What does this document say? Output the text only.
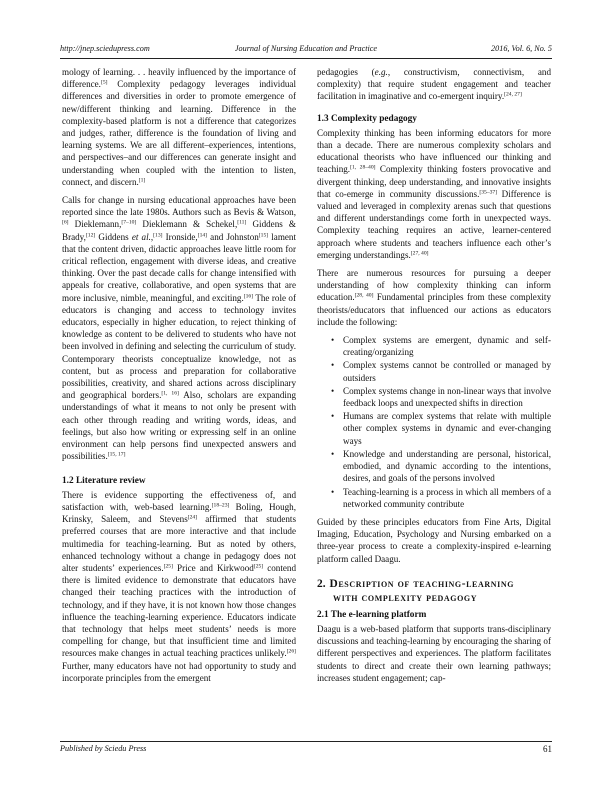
http://jnep.sciedupress.com	Journal of Nursing Education and Practice	2016, Vol. 6, No. 5

mology of learning. . . heavily influenced by the importance of difference.[5] Complexity pedagogy leverages individual differences and diversities in order to promote emergence of new/different thinking and learning. Difference in the complexity-based platform is not a difference that categorizes and judges, rather, difference is the foundation of living and learning systems. We are all different–experiences, intentions, and perspectives–and our differences can generate insight and understanding when coupled with the intention to listen, connect, and discern.[1]

Calls for change in nursing educational approaches have been reported since the late 1980s. Authors such as Bevis & Watson,[6] Dieklemann,[7–10] Dieklemann & Schekel,[11] Giddens & Brady,[12] Giddens et al.,[13] Ironside,[14] and Johnston[15] lament that the content driven, didactic approaches leave little room for critical reflection, engagement with diverse ideas, and creative thinking. Over the past decade calls for change intensified with appeals for creative, collaborative, and open systems that are more inclusive, nimble, meaningful, and exciting.[16] The role of educators is changing and access to technology invites educators, especially in higher education, to reject thinking of knowledge as content to be delivered to students who have not been involved in defining and selecting the curriculum of study. Contemporary theorists conceptualize knowledge, not as content, but as process and preparation for collaborative possibilities, creativity, and shared actions across disciplinary and geographical borders.[1, 16] Also, scholars are expanding understandings of what it means to not only be present with each other through reading and writing words, ideas, and feelings, but also how writing or expressing self in an online environment can help persons find unexpected answers and possibilities.[15, 17]

1.2 Literature review

There is evidence supporting the effectiveness of, and satisfaction with, web-based learning.[18–23] Boling, Hough, Krinsky, Saleem, and Stevens[24] affirmed that students preferred courses that are more interactive and that include multimedia for teaching-learning. But as noted by others, enhanced technology without a change in pedagogy does not alter students’ experiences.[25] Price and Kirkwood[25] contend there is limited evidence to demonstrate that educators have changed their teaching practices with the introduction of technology, and if they have, it is not known how those changes influence the teaching-learning experience. Educators indicate that technology that helps meet students’ needs is more compelling for change, but that insufficient time and limited resources make changes in actual teaching practices unlikely.[26] Further, many educators have not had opportunity to study and incorporate principles from the emergent

pedagogies (e.g., constructivism, connectivism, and complexity) that require student engagement and teacher facilitation in imaginative and co-emergent inquiry.[24, 27]

1.3 Complexity pedagogy

Complexity thinking has been informing educators for more than a decade. There are numerous complexity scholars and educational theorists who have influenced our thinking and teaching.[1, 28–40] Complexity thinking fosters provocative and divergent thinking, deep understanding, and innovative insights that co-emerge in community discussions.[35–37] Difference is valued and leveraged in complexity arenas such that questions and different understandings come forth in unexpected ways. Complexity teaching requires an active, learner-centered approach where students and teachers influence each other’s emerging understandings.[27, 40]

There are numerous resources for pursuing a deeper understanding of how complexity thinking can inform education.[28, 40] Fundamental principles from these complexity theorists/educators that influenced our actions as educators include the following:

• Complex systems are emergent, dynamic and self-creating/organizing
• Complex systems cannot be controlled or managed by outsiders
• Complex systems change in non-linear ways that involve feedback loops and unexpected shifts in direction
• Humans are complex systems that relate with multiple other complex systems in dynamic and ever-changing ways
• Knowledge and understanding are personal, historical, embodied, and dynamic according to the intentions, desires, and goals of the persons involved
• Teaching-learning is a process in which all members of a networked community contribute

Guided by these principles educators from Fine Arts, Digital Imaging, Education, Psychology and Nursing embarked on a three-year process to create a complexity-inspired e-learning platform called Daagu.

2. Description of teaching-learning
with complexity pedagogy
2.1 The e-learning platform

Daagu is a web-based platform that supports trans-disciplinary discussions and teaching-learning by encouraging the sharing of different perspectives and experiences. The platform facilitates students to direct and create their own learning pathways; increases student engagement; cap-

Published by Sciedu Press	61
